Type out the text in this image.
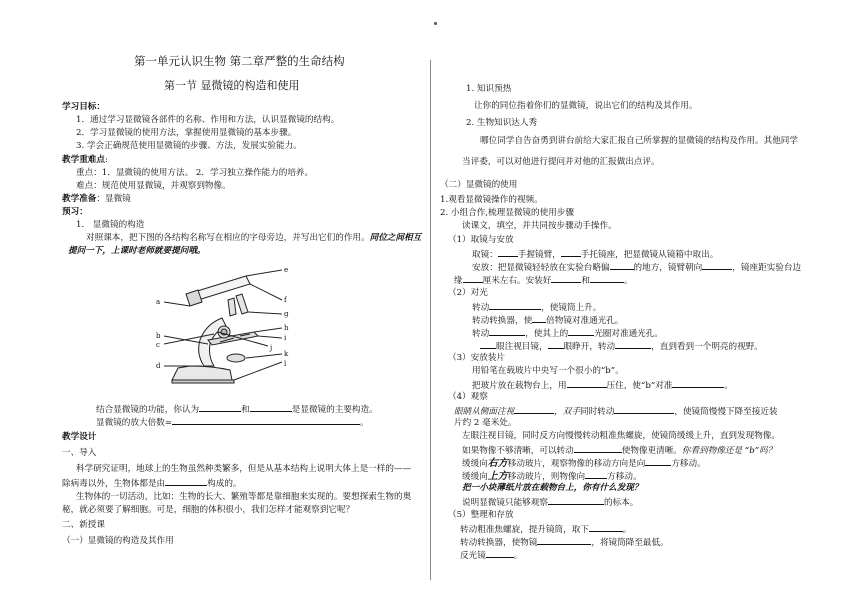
第一单元认识生物 第二章严整的生命结构
第一节 显微镜的构造和使用
学习目标：
1．通过学习显微镜各部件的名称、作用和方法，认识显微镜的结构。
2．学习显微镜的使用方法，掌握使用显微镜的基本步骤。
3. 学会正确规范使用显微镜的步骤、方法，发展实验能力。
教学重难点:
重点：1．显微镜的使用方法。 2．学习独立操作能力的培养。
难点：规范使用显微镜，并观察到物像。
教学准备：显微镜
预习：
1． 显微镜的构造
对照课本，把下图的各结构名称写在相应的字母旁边，并写出它们的作用。同位之间相互
提问一下，上课时老师就要提问哦。
e
f
g
h
i
j
k
l
a
b
c
d
结合显微镜的功能，你认为	和	是显微镜的主要构造。
显微镜的放大倍数=	。
教学设计
一、导入
科学研究证明，地球上的生物虽然种类繁多，但是从基本结构上说明大体上是一样的——
除病毒以外，生物体都是由	构成的。
生物体的一切活动，比如：生物的长大、繁殖等都是靠细胞来实现的。要想探索生物的奥
秘，就必须要了解细胞。可是，细胞的体积很小，我们怎样才能观察到它呢？
二、新授课
（一）显微镜的构造及其作用
1. 知识预热
让你的同位指着你们的显微镜，说出它们的结构及其作用。
2. 生物知识达人秀
哪位同学自告奋勇到讲台前给大家汇报自己所掌握的显微镜的结构及作用。其他同学
当评委，可以对他进行提问并对他的汇报做出点评。
（二）显微镜的使用
1.观看显微镜操作的视频。
2. 小组合作,梳理显微镜的使用步骤
读课文，填空，并共同按步骤动手操作。
（1）取镜与安放
取镜： 手握镜臂， 手托镜座，把显微镜从镜箱中取出。
安放：把显微镜轻轻放在实验台略偏	的地方，镜臂朝向	，镜座距实验台边
缘 厘米左右。安装好	和	。
（2）对光
转动	，使镜筒上升。
转动转换器，使 倍物镜对准通光孔。
转动	，使其上的	光圈对准通光孔。
眼注视目镜， 眼睁开，转动	，直到看到一个明亮的视野。
（3）安放装片
用铅笔在载玻片中央写一个很小的“b”。
把玻片放在载物台上，用	压住，使“b”对准	。
（4）观察
眼睛从侧面注视	，双手同时转动	，使镜筒慢慢下降至接近装
片约 2 毫米处。
左眼注视目镜，同时反方向慢慢转动粗准焦螺旋，使镜筒缓缓上升，直到发现物像。
如果物像不够清晰，可以转动	使物像更清晰。你看到物像还是 “b”吗？
缓缓向右方移动玻片，观察物像的移动方向是向	方移动。
缓缓向上方移动玻片，则物像向	方移动。
把一小块薄纸片放在载物台上，你有什么发现？
说明显微镜只能够观察	的标本。
（5）整理和存放
转动粗准焦螺旋，提升镜筒，取下	。
转动转换器，使物镜	，将镜筒降至最低。
反光镜	。
